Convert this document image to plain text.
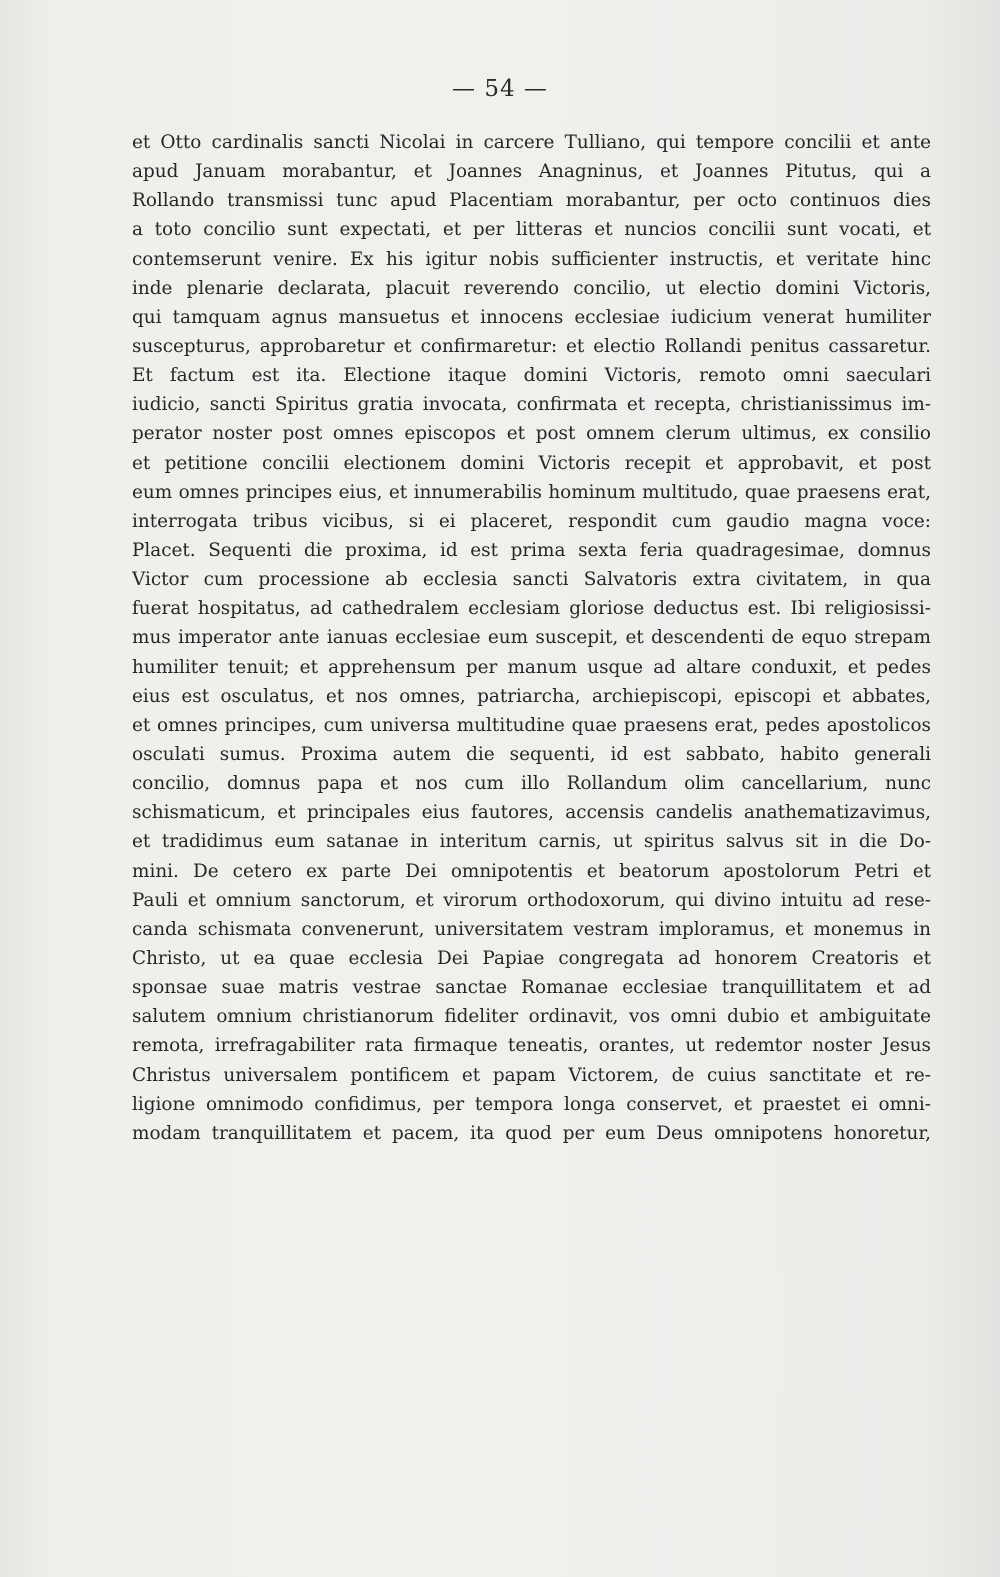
— 54 —
et Otto cardinalis sancti Nicolai in carcere Tulliano, qui tempore concilii et ante
apud Januam morabantur, et Joannes Anagninus, et Joannes Pitutus, qui a
Rollando transmissi tunc apud Placentiam morabantur, per octo continuos dies
a toto concilio sunt expectati, et per litteras et nuncios concilii sunt vocati, et
contemserunt venire. Ex his igitur nobis sufficienter instructis, et veritate hinc
inde plenarie declarata, placuit reverendo concilio, ut electio domini Victoris,
qui tamquam agnus mansuetus et innocens ecclesiae iudicium venerat humiliter
suscepturus, approbaretur et confirmaretur: et electio Rollandi penitus cassaretur.
Et factum est ita. Electione itaque domini Victoris, remoto omni saeculari
iudicio, sancti Spiritus gratia invocata, confirmata et recepta, christianissimus im-
perator noster post omnes episcopos et post omnem clerum ultimus, ex consilio
et petitione concilii electionem domini Victoris recepit et approbavit, et post
eum omnes principes eius, et innumerabilis hominum multitudo, quae praesens erat,
interrogata tribus vicibus, si ei placeret, respondit cum gaudio magna voce:
Placet. Sequenti die proxima, id est prima sexta feria quadragesimae, domnus
Victor cum processione ab ecclesia sancti Salvatoris extra civitatem, in qua
fuerat hospitatus, ad cathedralem ecclesiam gloriose deductus est. Ibi religiosissi-
mus imperator ante ianuas ecclesiae eum suscepit, et descendenti de equo strepam
humiliter tenuit; et apprehensum per manum usque ad altare conduxit, et pedes
eius est osculatus, et nos omnes, patriarcha, archiepiscopi, episcopi et abbates,
et omnes principes, cum universa multitudine quae praesens erat, pedes apostolicos
osculati sumus. Proxima autem die sequenti, id est sabbato, habito generali
concilio, domnus papa et nos cum illo Rollandum olim cancellarium, nunc
schismaticum, et principales eius fautores, accensis candelis anathematizavimus,
et tradidimus eum satanae in interitum carnis, ut spiritus salvus sit in die Do-
mini. De cetero ex parte Dei omnipotentis et beatorum apostolorum Petri et
Pauli et omnium sanctorum, et virorum orthodoxorum, qui divino intuitu ad rese-
canda schismata convenerunt, universitatem vestram imploramus, et monemus in
Christo, ut ea quae ecclesia Dei Papiae congregata ad honorem Creatoris et
sponsae suae matris vestrae sanctae Romanae ecclesiae tranquillitatem et ad
salutem omnium christianorum fideliter ordinavit, vos omni dubio et ambiguitate
remota, irrefragabiliter rata firmaque teneatis, orantes, ut redemtor noster Jesus
Christus universalem pontificem et papam Victorem, de cuius sanctitate et re-
ligione omnimodo confidimus, per tempora longa conservet, et praestet ei omni-
modam tranquillitatem et pacem, ita quod per eum Deus omnipotens honoretur,
